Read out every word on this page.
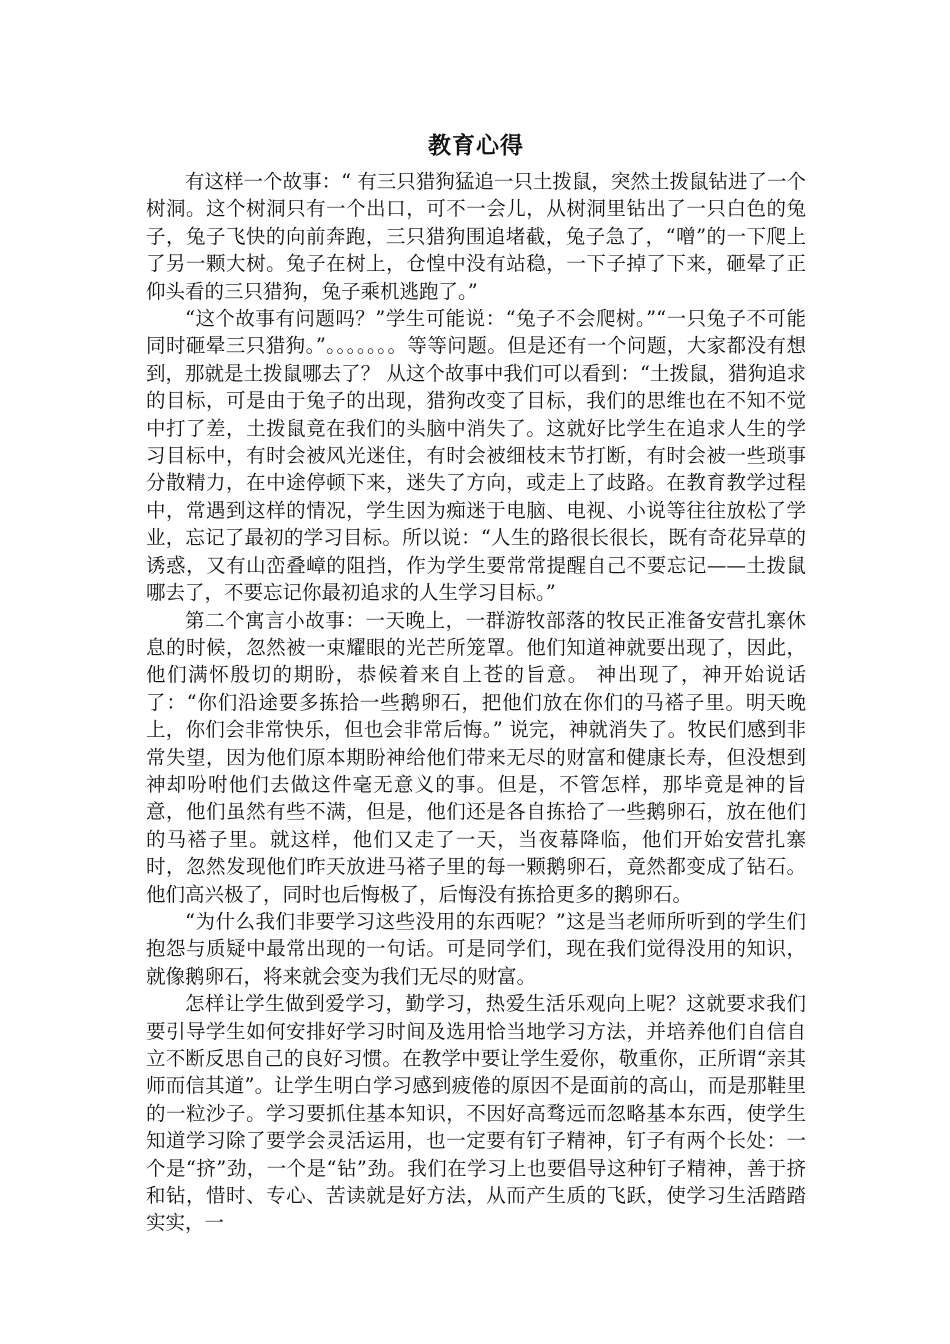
教育心得

有这样一个故事：“ 有三只猎狗猛追一只土拨鼠，突然土拨鼠钻进了一个树洞。这个树洞只有一个出口，可不一会儿，从树洞里钻出了一只白色的兔子，兔子飞快的向前奔跑，三只猎狗围追堵截，兔子急了，“噌”的一下爬上了另一颗大树。兔子在树上，仓惶中没有站稳，一下子掉了下来，砸晕了正仰头看的三只猎狗，兔子乘机逃跑了。”

“这个故事有问题吗？”学生可能说：“兔子不会爬树。”“一只兔子不可能同时砸晕三只猎狗。”。。。。。。。等等问题。但是还有一个问题，大家都没有想到，那就是土拨鼠哪去了？ 从这个故事中我们可以看到：“土拨鼠，猎狗追求的目标，可是由于兔子的出现，猎狗改变了目标，我们的思维也在不知不觉中打了差，土拨鼠竟在我们的头脑中消失了。这就好比学生在追求人生的学习目标中，有时会被风光迷住，有时会被细枝末节打断，有时会被一些琐事分散精力，在中途停顿下来，迷失了方向，或走上了歧路。在教育教学过程中，常遇到这样的情况，学生因为痴迷于电脑、电视、小说等往往放松了学业，忘记了最初的学习目标。所以说：“人生的路很长很长，既有奇花异草的诱惑，又有山峦叠嶂的阻挡，作为学生要常常提醒自己不要忘记——土拨鼠哪去了，不要忘记你最初追求的人生学习目标。”

第二个寓言小故事：一天晚上，一群游牧部落的牧民正准备安营扎寨休息的时候，忽然被一束耀眼的光芒所笼罩。他们知道神就要出现了，因此，他们满怀殷切的期盼，恭候着来自上苍的旨意。 神出现了，神开始说话了：“你们沿途要多拣拾一些鹅卵石，把他们放在你们的马褡子里。明天晚上，你们会非常快乐，但也会非常后悔。” 说完，神就消失了。牧民们感到非常失望，因为他们原本期盼神给他们带来无尽的财富和健康长寿，但没想到神却吩咐他们去做这件毫无意义的事。但是，不管怎样，那毕竟是神的旨意，他们虽然有些不满，但是，他们还是各自拣拾了一些鹅卵石，放在他们的马褡子里。就这样，他们又走了一天，当夜幕降临，他们开始安营扎寨时，忽然发现他们昨天放进马褡子里的每一颗鹅卵石，竟然都变成了钻石。他们高兴极了，同时也后悔极了，后悔没有拣拾更多的鹅卵石。

“为什么我们非要学习这些没用的东西呢？”这是当老师所听到的学生们抱怨与质疑中最常出现的一句话。可是同学们，现在我们觉得没用的知识，就像鹅卵石，将来就会变为我们无尽的财富。

怎样让学生做到爱学习，勤学习，热爱生活乐观向上呢？这就要求我们要引导学生如何安排好学习时间及选用恰当地学习方法，并培养他们自信自立不断反思自己的良好习惯。在教学中要让学生爱你，敬重你，正所谓“亲其师而信其道”。让学生明白学习感到疲倦的原因不是面前的高山，而是那鞋里的一粒沙子。学习要抓住基本知识，不因好高骛远而忽略基本东西，使学生知道学习除了要学会灵活运用，也一定要有钉子精神，钉子有两个长处：一个是“挤”劲，一个是“钻”劲。我们在学习上也要倡导这种钉子精神，善于挤和钻，惜时、专心、苦读就是好方法，从而产生质的飞跃，使学习生活踏踏实实，一
